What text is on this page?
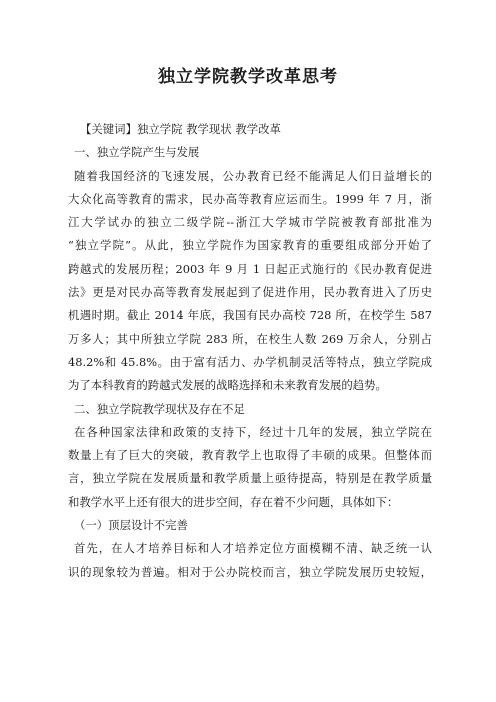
独立学院教学改革思考
【关键词】独立学院 教学现状 教学改革
一、独立学院产生与发展
随着我国经济的飞速发展，公办教育已经不能满足人们日益增长的
大众化高等教育的需求，民办高等教育应运而生。1999 年 7 月，浙
江大学试办的独立二级学院--浙江大学城市学院被教育部批准为
“独立学院”。从此，独立学院作为国家教育的重要组成部分开始了
跨越式的发展历程；2003 年 9 月 1 日起正式施行的《民办教育促进
法》更是对民办高等教育发展起到了促进作用，民办教育进入了历史
机遇时期。截止 2014 年底，我国有民办高校 728 所，在校学生 587
万多人；其中所独立学院 283 所，在校生人数 269 万余人，分别占
48.2%和 45.8%。由于富有活力、办学机制灵活等特点，独立学院成
为了本科教育的跨越式发展的战略选择和未来教育发展的趋势。
二、独立学院教学现状及存在不足
在各种国家法律和政策的支持下，经过十几年的发展，独立学院在
数量上有了巨大的突破，教育教学上也取得了丰硕的成果。但整体而
言，独立学院在发展质量和教学质量上亟待提高，特别是在教学质量
和教学水平上还有很大的进步空间，存在着不少问题，具体如下：
（一）顶层设计不完善
首先，在人才培养目标和人才培养定位方面模糊不清、缺乏统一认
识的现象较为普遍。相对于公办院校而言，独立学院发展历史较短，
